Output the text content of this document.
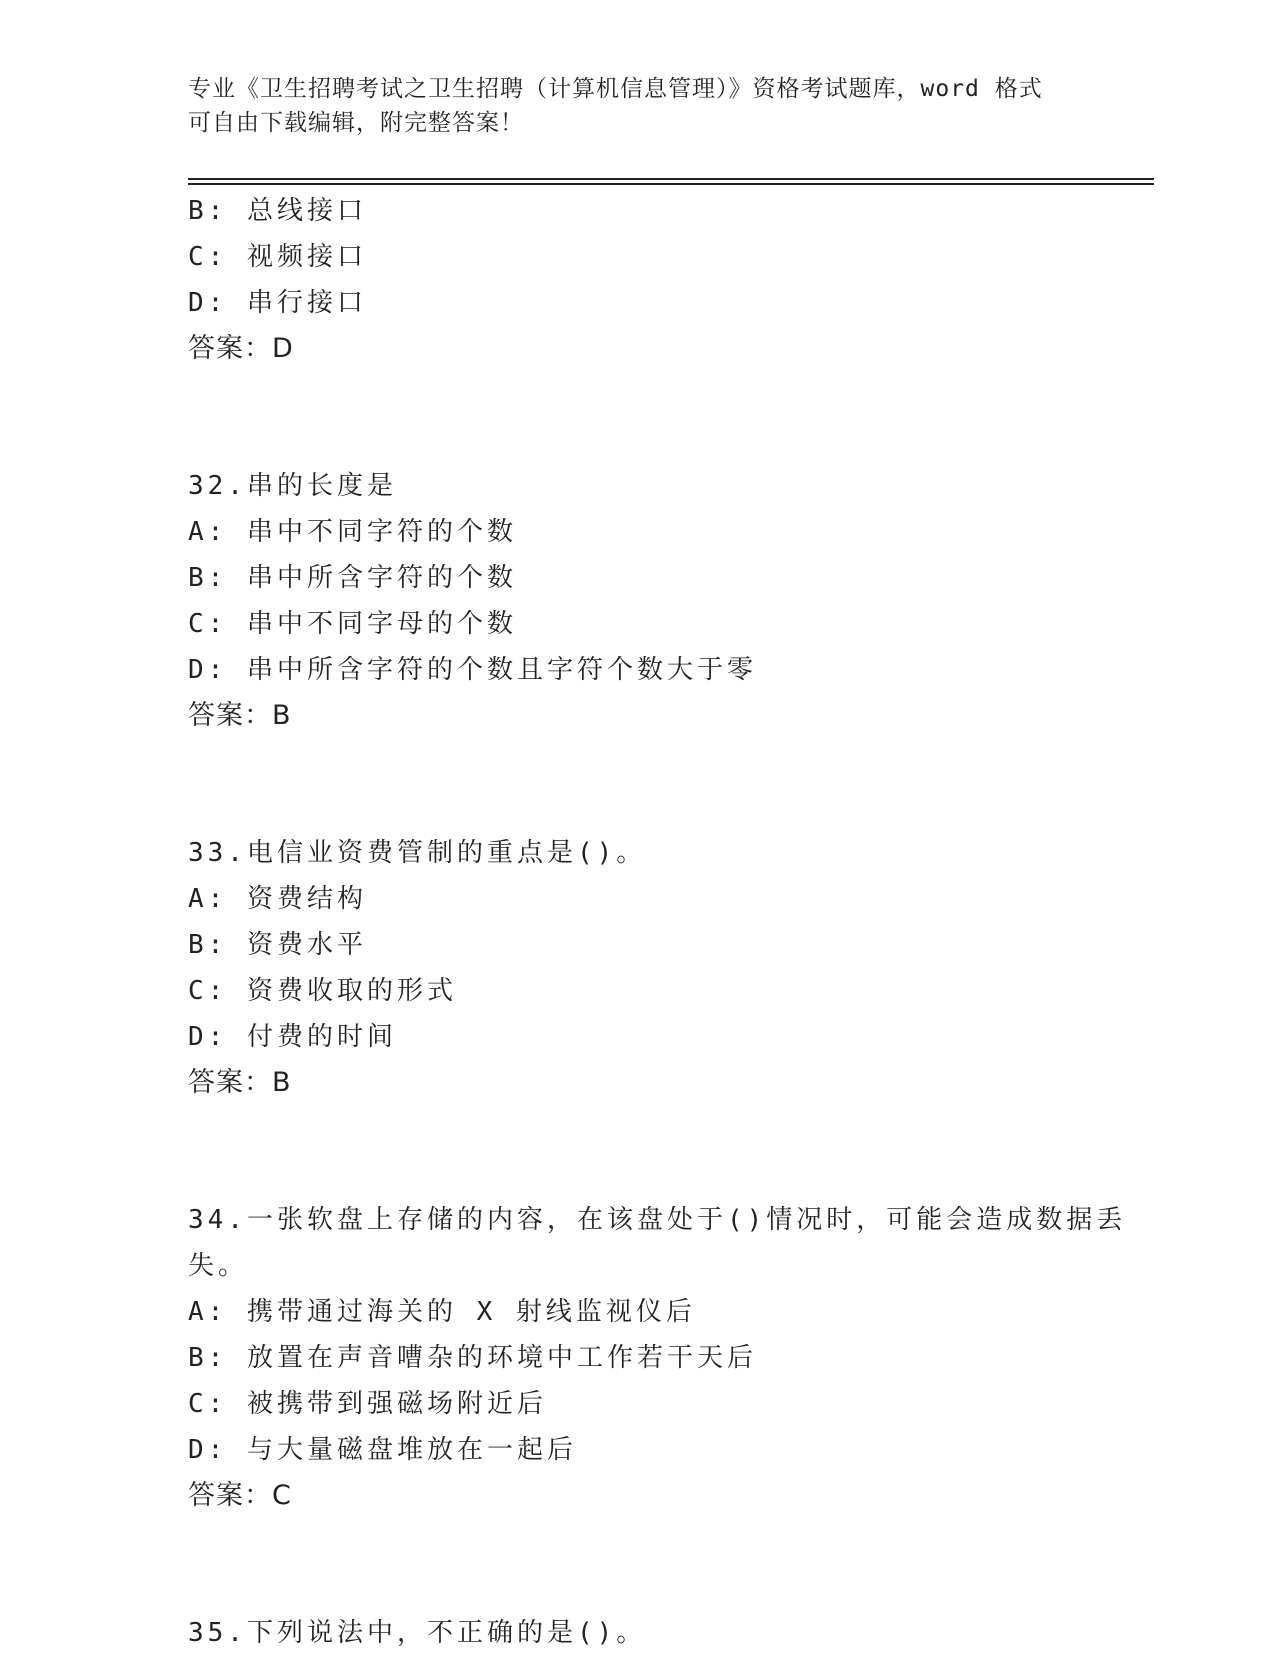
专业《卫生招聘考试之卫生招聘（计算机信息管理）》资格考试题库，word 格式
可自由下载编辑，附完整答案！
B: 总线接口
C: 视频接口
D: 串行接口
答案：D
32.串的长度是
A: 串中不同字符的个数
B: 串中所含字符的个数
C: 串中不同字母的个数
D: 串中所含字符的个数且字符个数大于零
答案：B
33.电信业资费管制的重点是()。
A: 资费结构
B: 资费水平
C: 资费收取的形式
D: 付费的时间
答案：B
34.一张软盘上存储的内容，在该盘处于()情况时，可能会造成数据丢
失。
A: 携带通过海关的 X 射线监视仪后
B: 放置在声音嘈杂的环境中工作若干天后
C: 被携带到强磁场附近后
D: 与大量磁盘堆放在一起后
答案：C
35.下列说法中，不正确的是()。
